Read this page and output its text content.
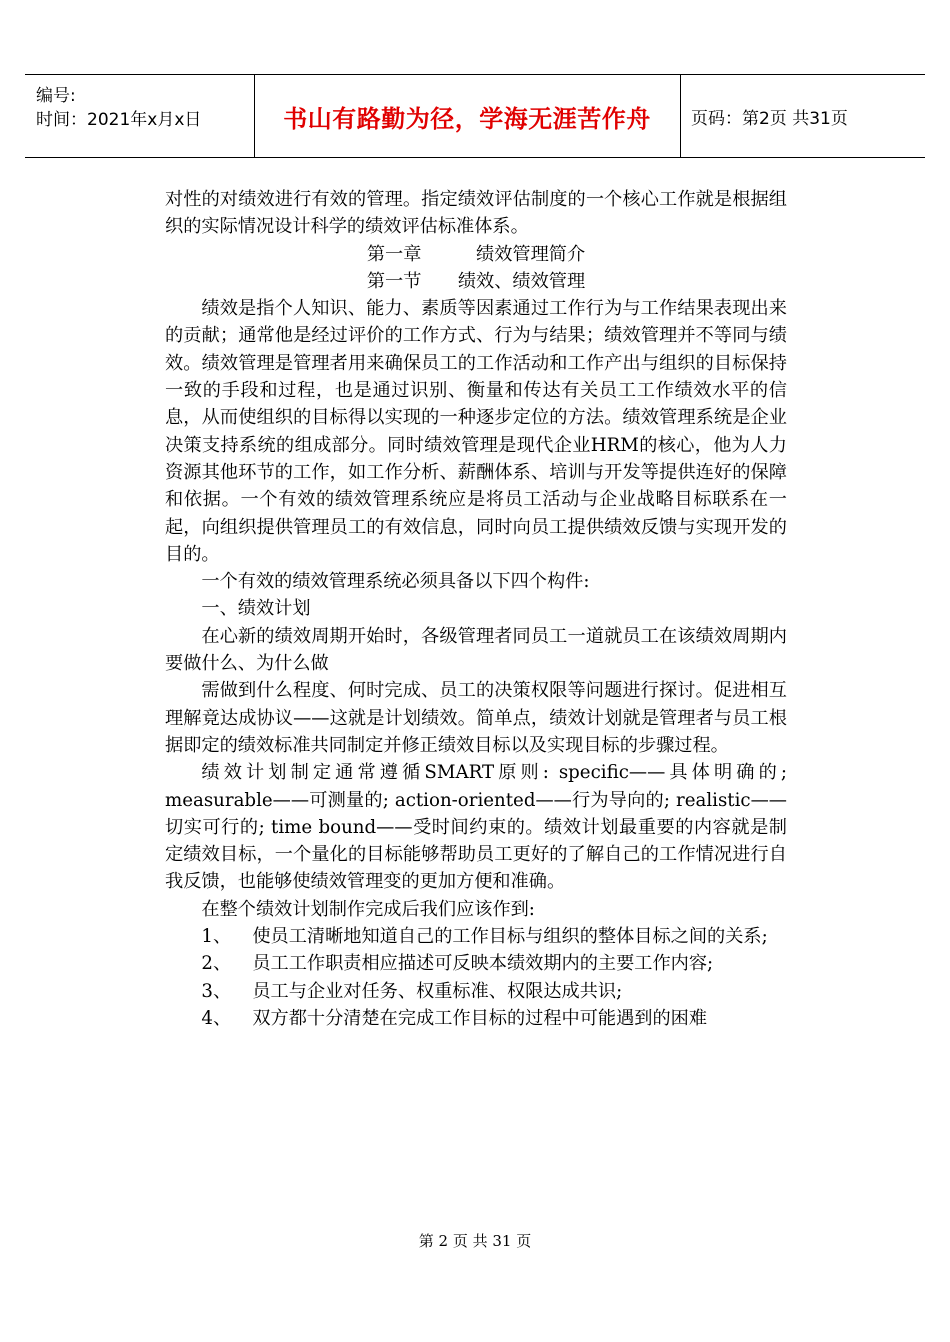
编号:
时间：2021年x月x日	书山有路勤为径，学海无涯苦作舟	页码：第2页 共31页

对性的对绩效进行有效的管理。指定绩效评估制度的一个核心工作就是根据组织的实际情况设计科学的绩效评估标准体系。

第一章	绩效管理简介

第一节 绩效、绩效管理

绩效是指个人知识、能力、素质等因素通过工作行为与工作结果表现出来的贡献；通常他是经过评价的工作方式、行为与结果；绩效管理并不等同与绩效。绩效管理是管理者用来确保员工的工作活动和工作产出与组织的目标保持一致的手段和过程，也是通过识别、衡量和传达有关员工工作绩效水平的信息，从而使组织的目标得以实现的一种逐步定位的方法。绩效管理系统是企业决策支持系统的组成部分。同时绩效管理是现代企业HRM的核心，他为人力资源其他环节的工作，如工作分析、薪酬体系、培训与开发等提供连好的保障和依据。一个有效的绩效管理系统应是将员工活动与企业战略目标联系在一起，向组织提供管理员工的有效信息，同时向员工提供绩效反馈与实现开发的目的。

一个有效的绩效管理系统必须具备以下四个构件:

一、绩效计划

在心新的绩效周期开始时，各级管理者同员工一道就员工在该绩效周期内要做什么、为什么做

需做到什么程度、何时完成、员工的决策权限等问题进行探讨。促进相互理解竟达成协议——这就是计划绩效。简单点，绩效计划就是管理者与员工根据即定的绩效标准共同制定并修正绩效目标以及实现目标的步骤过程。

绩效计划制定通常遵循SMART原则: specific——具体明确的; measurable——可测量的; action-oriented——行为导向的; realistic——切实可行的; time bound——受时间约束的。绩效计划最重要的内容就是制定绩效目标，一个量化的目标能够帮助员工更好的了解自己的工作情况进行自我反馈，也能够使绩效管理变的更加方便和准确。

在整个绩效计划制作完成后我们应该作到:

1、 使员工清晰地知道自己的工作目标与组织的整体目标之间的关系;
2、 员工工作职责相应描述可反映本绩效期内的主要工作内容;
3、 员工与企业对任务、权重标准、权限达成共识;
4、 双方都十分清楚在完成工作目标的过程中可能遇到的困难
第 2 页 共 31 页
